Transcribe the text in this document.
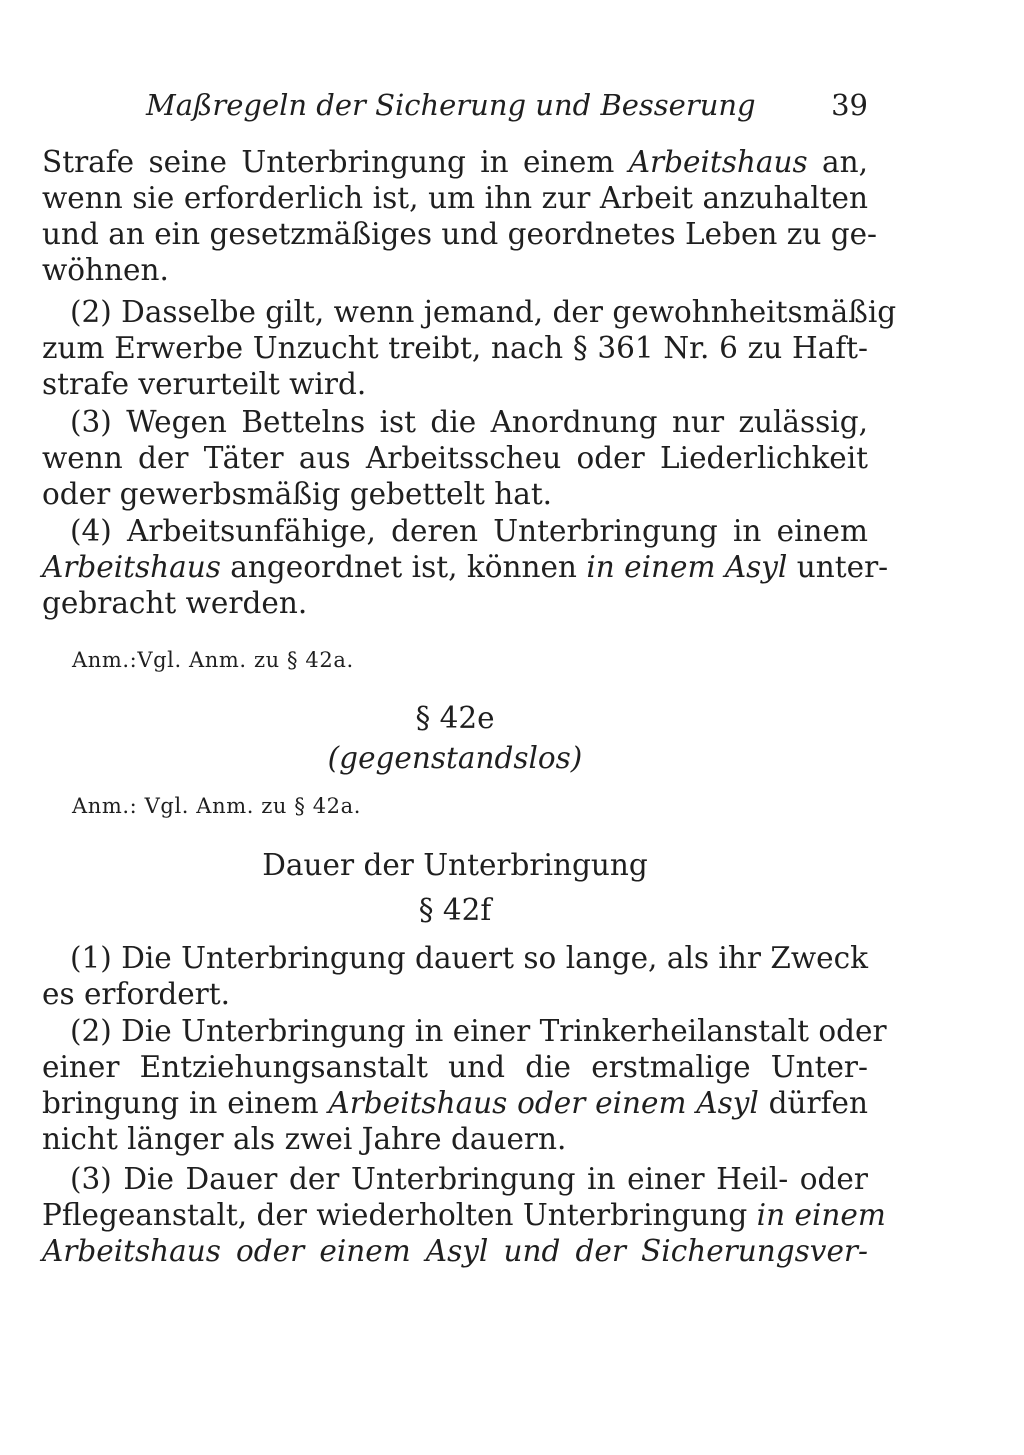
Maßregeln der Sicherung und Besserung	39
Strafe seine Unterbringung in einem Arbeitshaus an,
wenn sie erforderlich ist, um ihn zur Arbeit anzuhalten
und an ein gesetzmäßiges und geordnetes Leben zu ge-
wöhnen.
(2) Dasselbe gilt, wenn jemand, der gewohnheitsmäßig
zum Erwerbe Unzucht treibt, nach § 361 Nr. 6 zu Haft-
strafe verurteilt wird.
(3) Wegen Bettelns ist die Anordnung nur zulässig,
wenn der Täter aus Arbeitsscheu oder Liederlichkeit
oder gewerbsmäßig gebettelt hat.
(4) Arbeitsunfähige, deren Unterbringung in einem
Arbeitshaus angeordnet ist, können in einem Asyl unter-
gebracht werden.
Anm.:Vgl. Anm. zu § 42a.
§ 42e
(gegenstandslos)
Anm.: Vgl. Anm. zu § 42a.
Dauer der Unterbringung
§ 42f
(1) Die Unterbringung dauert so lange, als ihr Zweck
es erfordert.
(2) Die Unterbringung in einer Trinkerheilanstalt oder
einer Entziehungsanstalt und die erstmalige Unter-
bringung in einem Arbeitshaus oder einem Asyl dürfen
nicht länger als zwei Jahre dauern.
(3) Die Dauer der Unterbringung in einer Heil- oder
Pflegeanstalt, der wiederholten Unterbringung in einem
Arbeitshaus oder einem Asyl und der Sicherungsver-
